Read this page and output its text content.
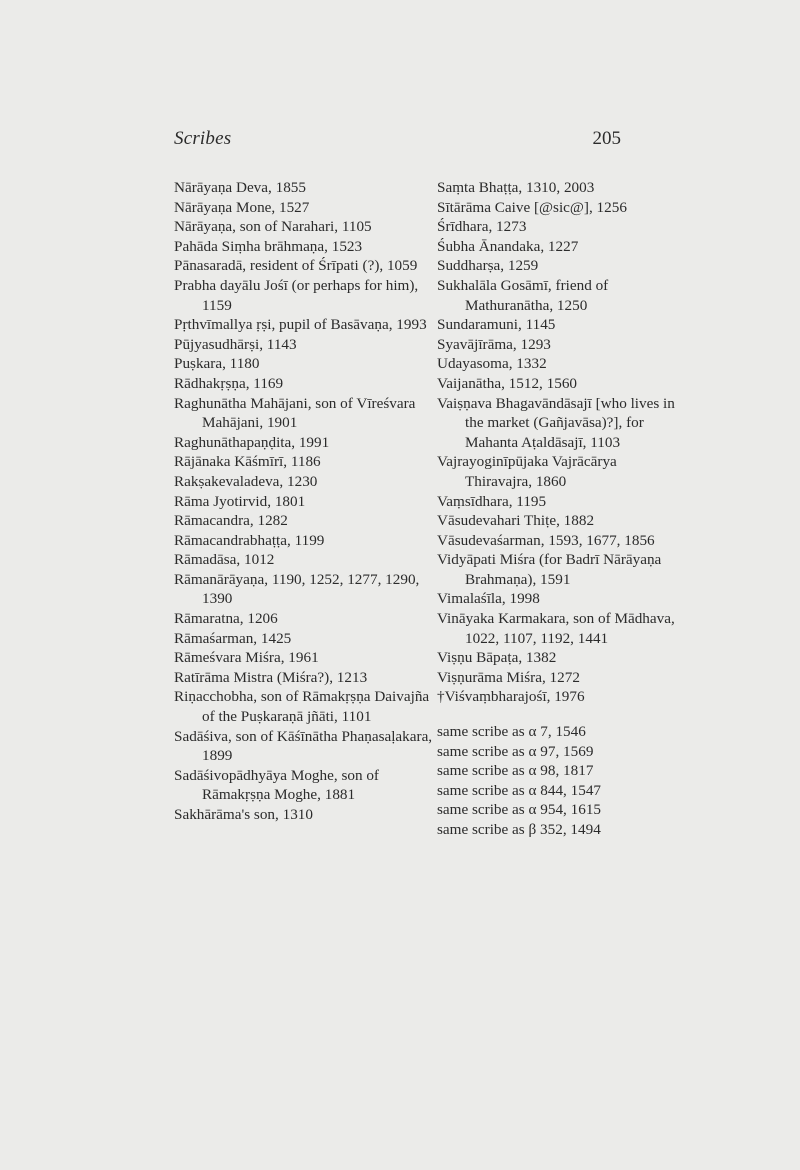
Scribes	205

Nārāyaṇa Deva, 1855

Nārāyaṇa Mone, 1527

Nārāyaṇa, son of Narahari, 1105

Pahāda Siṃha brāhmaṇa, 1523

Pānasaradā, resident of Śrīpati (?), 1059

Prabha dayālu Jośī (or perhaps for him), 1159

Pṛthvīmallya ṛṣi, pupil of Basāvaṇa, 1993

Pūjyasudhārṣi, 1143

Puṣkara, 1180

Rādhakṛṣṇa, 1169

Raghunātha Mahājani, son of Vīreśvara Mahājani, 1901

Raghunāthapaṇḍita, 1991

Rājānaka Kāśmīrī, 1186

Rakṣakevaladeva, 1230

Rāma Jyotirvid, 1801

Rāmacandra, 1282

Rāmacandrabhaṭṭa, 1199

Rāmadāsa, 1012

Rāmanārāyaṇa, 1190, 1252, 1277, 1290, 1390

Rāmaratna, 1206

Rāmaśarman, 1425

Rāmeśvara Miśra, 1961

Ratīrāma Mistra (Miśra?), 1213

Riṇacchobha, son of Rāmakṛṣṇa Daivajña of the Puṣkaraṇā jñāti, 1101

Sadāśiva, son of Kāśīnātha Phaṇasaḷakara, 1899

Sadāśivopādhyāya Moghe, son of Rāmakṛṣṇa Moghe, 1881

Sakhārāma's son, 1310

Saṃta Bhaṭṭa, 1310, 2003

Sītārāma Caive [@sic@], 1256

Śrīdhara, 1273

Śubha Ānandaka, 1227

Suddharṣa, 1259

Sukhalāla Gosāmī, friend of Mathuranātha, 1250

Sundaramuni, 1145

Syavājīrāma, 1293

Udayasoma, 1332

Vaijanātha, 1512, 1560

Vaiṣṇava Bhagavāndāsajī [who lives in the market (Gañjavāsa)?], for Mahanta Aṭaldāsajī, 1103

Vajrayoginīpūjaka Vajrācārya Thiravajra, 1860

Vaṃsīdhara, 1195

Vāsudevahari Thiṭe, 1882

Vāsudevaśarman, 1593, 1677, 1856

Vidyāpati Miśra (for Badrī Nārāyaṇa Brahmaṇa), 1591

Vimalaśīla, 1998

Vināyaka Karmakara, son of Mādhava, 1022, 1107, 1192, 1441

Viṣṇu Bāpaṭa, 1382

Viṣṇurāma Miśra, 1272

†Viśvaṃbharajośī, 1976

same scribe as α 7, 1546

same scribe as α 97, 1569

same scribe as α 98, 1817

same scribe as α 844, 1547

same scribe as α 954, 1615

same scribe as β 352, 1494
